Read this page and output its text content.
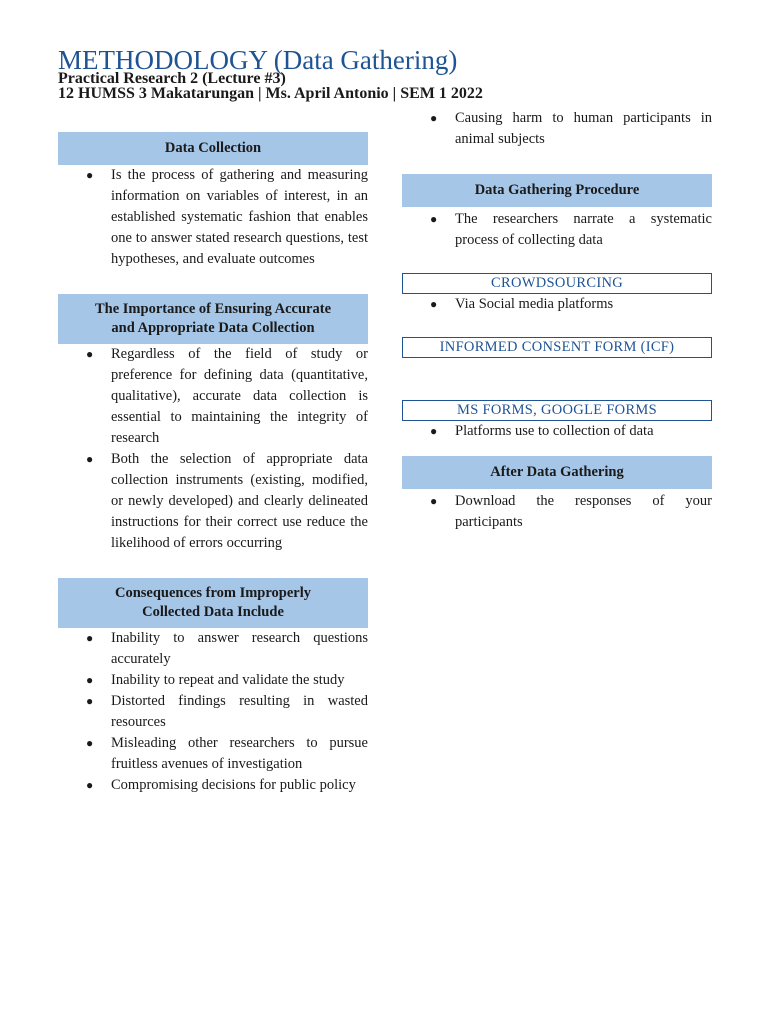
METHODOLOGY (Data Gathering)
Practical Research 2 (Lecture #3)
12 HUMSS 3 Makatarungan | Ms. April Antonio | SEM 1 2022
Data Collection
● Is the process of gathering and measuring information on variables of interest, in an established systematic fashion that enables one to answer stated research questions, test hypotheses, and evaluate outcomes
The Importance of Ensuring Accurate
and Appropriate Data Collection
● Regardless of the field of study or preference for defining data (quantitative, qualitative), accurate data collection is essential to maintaining the integrity of research
● Both the selection of appropriate data collection instruments (existing, modified, or newly developed) and clearly delineated instructions for their correct use reduce the likelihood of errors occurring
Consequences from Improperly
Collected Data Include
● Inability to answer research questions accurately
● Inability to repeat and validate the study
● Distorted findings resulting in wasted resources
● Misleading other researchers to pursue fruitless avenues of investigation
● Compromising decisions for public policy
● Causing harm to human participants in animal subjects
Data Gathering Procedure
● The researchers narrate a systematic process of collecting data
CROWDSOURCING
● Via Social media platforms
INFORMED CONSENT FORM (ICF)
MS FORMS, GOOGLE FORMS
● Platforms use to collection of data
After Data Gathering
● Download the responses of your participants
